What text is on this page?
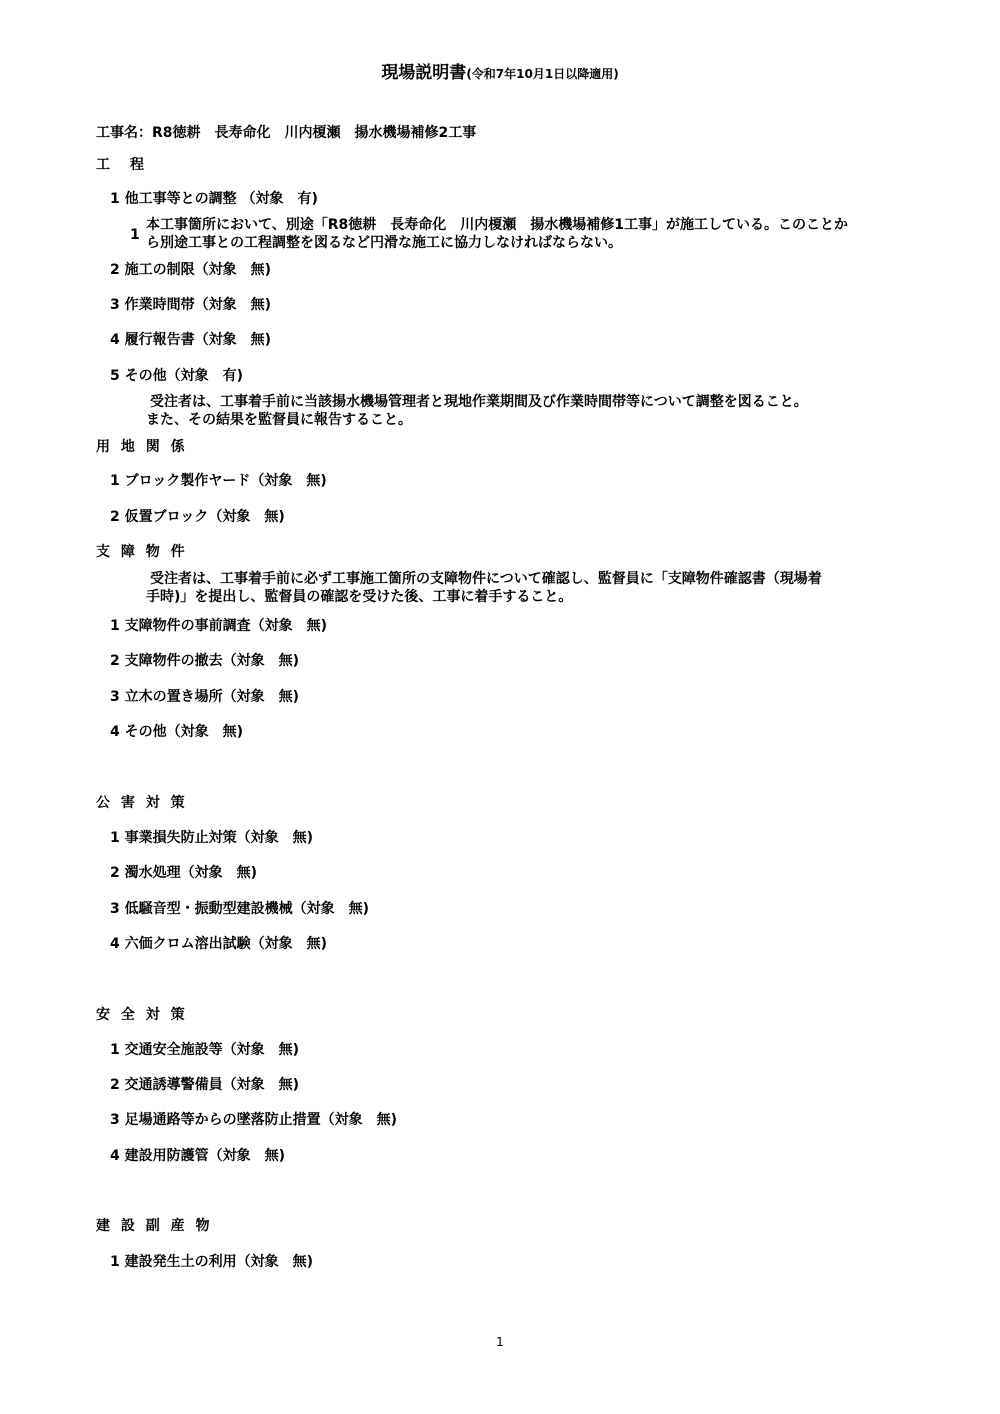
現場説明書(令和7年10月1日以降適用)
工事名：R8徳耕　長寿命化　川内榎瀬　揚水機場補修2工事
工　程
1 他工事等との調整 （対象　有)
1
本工事箇所において、別途「R8徳耕　長寿命化　川内榎瀬　揚水機場補修1工事」が施工している。このことか
ら別途工事との工程調整を図るなど円滑な施工に協力しなければならない。
2 施工の制限（対象　無)
3 作業時間帯（対象　無)
4 履行報告書（対象　無)
5 その他（対象　有)
受注者は、工事着手前に当該揚水機場管理者と現地作業期間及び作業時間帯等について調整を図ること。
また、その結果を監督員に報告すること。
用 地 関 係
1 ブロック製作ヤード（対象　無)
2 仮置ブロック（対象　無)
支 障 物 件
受注者は、工事着手前に必ず工事施工箇所の支障物件について確認し、監督員に「支障物件確認書（現場着
手時)」を提出し、監督員の確認を受けた後、工事に着手すること。
1 支障物件の事前調査（対象　無)
2 支障物件の撤去（対象　無)
3 立木の置き場所（対象　無)
4 その他（対象　無)
公 害 対 策
1 事業損失防止対策（対象　無)
2 濁水処理（対象　無)
3 低騒音型・振動型建設機械（対象　無)
4 六価クロム溶出試験（対象　無)
安 全 対 策
1 交通安全施設等（対象　無)
2 交通誘導警備員（対象　無)
3 足場通路等からの墜落防止措置（対象　無)
4 建設用防護管（対象　無)
建 設 副 産 物
1 建設発生土の利用（対象　無)
1
